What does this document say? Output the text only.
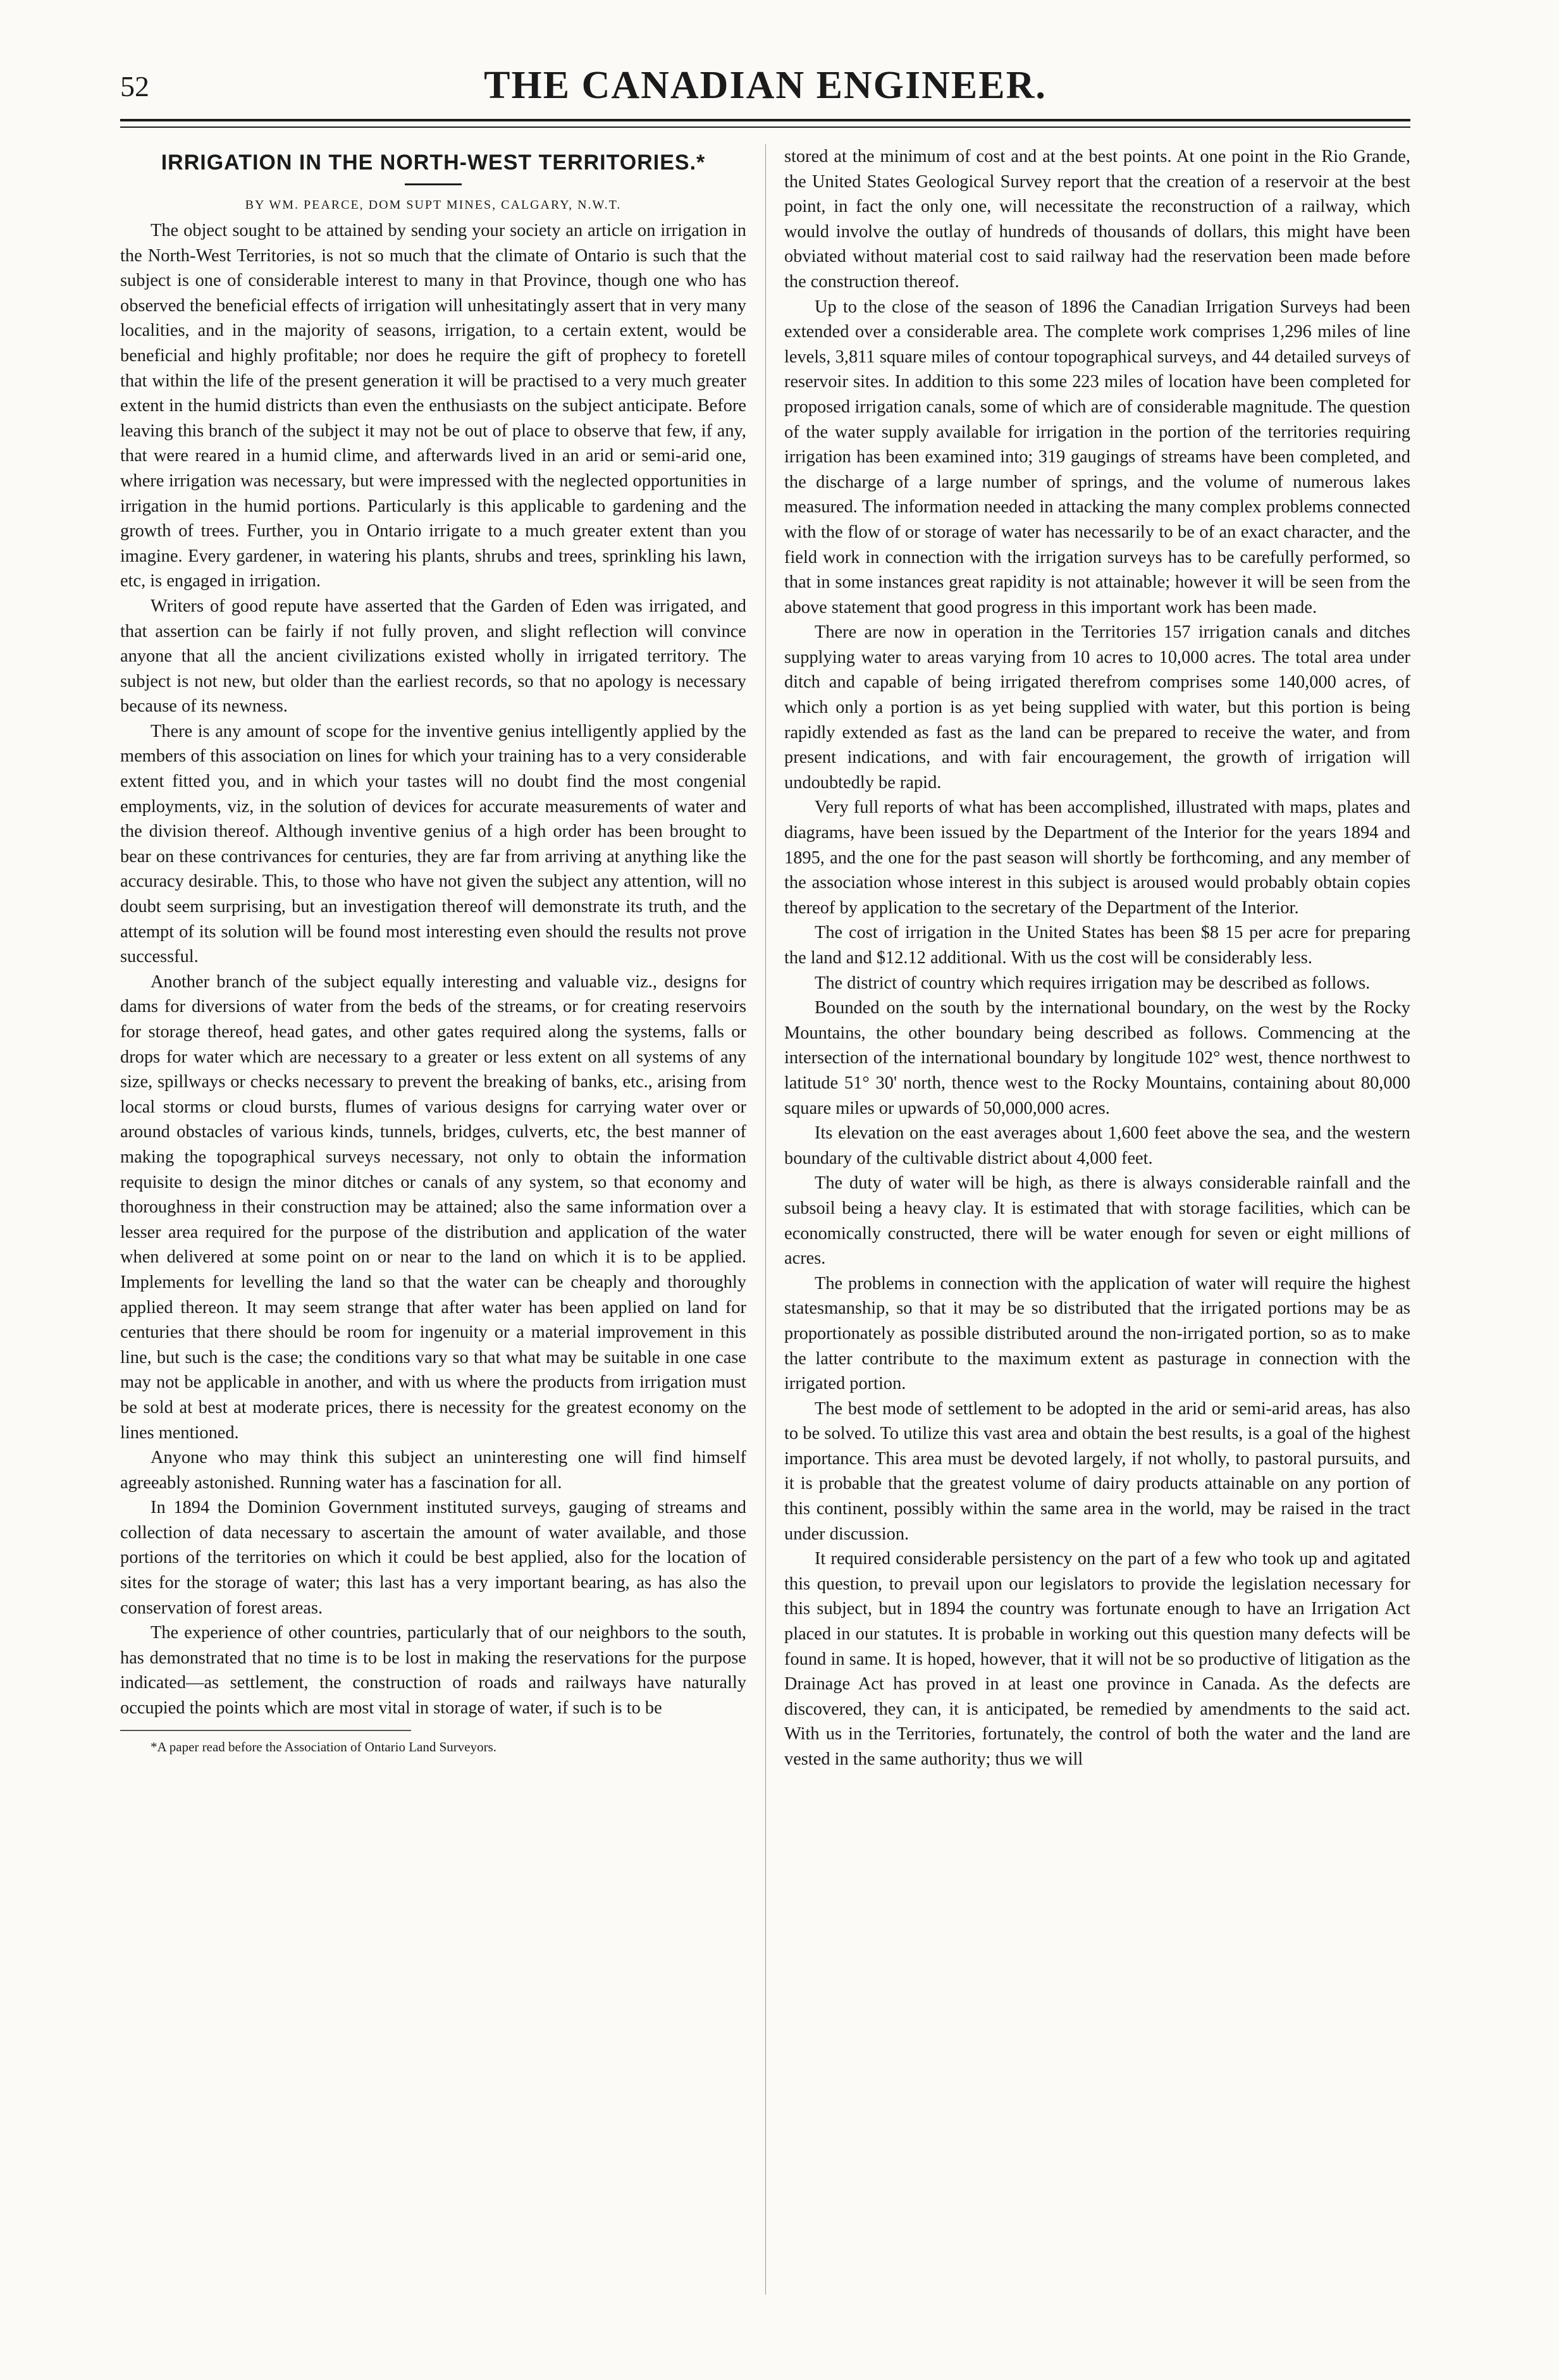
52	THE CANADIAN ENGINEER.
IRRIGATION IN THE NORTH-WEST TERRITORIES.*
BY WM. PEARCE, DOM SUPT MINES, CALGARY, N.W.T.

The object sought to be attained by sending your society an article on irrigation in the North-West Territories, is not so much that the climate of Ontario is such that the subject is one of considerable interest to many in that Province, though one who has observed the beneficial effects of irrigation will unhesitatingly assert that in very many localities, and in the majority of seasons, irrigation, to a certain extent, would be beneficial and highly profitable; nor does he require the gift of prophecy to foretell that within the life of the present generation it will be practised to a very much greater extent in the humid districts than even the enthusiasts on the subject anticipate. Before leaving this branch of the subject it may not be out of place to observe that few, if any, that were reared in a humid clime, and afterwards lived in an arid or semi-arid one, where irrigation was necessary, but were impressed with the neglected opportunities in irrigation in the humid portions. Particularly is this applicable to gardening and the growth of trees. Further, you in Ontario irrigate to a much greater extent than you imagine. Every gardener, in watering his plants, shrubs and trees, sprinkling his lawn, etc, is engaged in irrigation.

Writers of good repute have asserted that the Garden of Eden was irrigated, and that assertion can be fairly if not fully proven, and slight reflection will convince anyone that all the ancient civilizations existed wholly in irrigated territory. The subject is not new, but older than the earliest records, so that no apology is necessary because of its newness.

There is any amount of scope for the inventive genius intelligently applied by the members of this association on lines for which your training has to a very considerable extent fitted you, and in which your tastes will no doubt find the most congenial employments, viz, in the solution of devices for accurate measurements of water and the division thereof. Although inventive genius of a high order has been brought to bear on these contrivances for centuries, they are far from arriving at anything like the accuracy desirable. This, to those who have not given the subject any attention, will no doubt seem surprising, but an investigation thereof will demonstrate its truth, and the attempt of its solution will be found most interesting even should the results not prove successful.

Another branch of the subject equally interesting and valuable viz., designs for dams for diversions of water from the beds of the streams, or for creating reservoirs for storage thereof, head gates, and other gates required along the systems, falls or drops for water which are necessary to a greater or less extent on all systems of any size, spillways or checks necessary to prevent the breaking of banks, etc., arising from local storms or cloud bursts, flumes of various designs for carrying water over or around obstacles of various kinds, tunnels, bridges, culverts, etc, the best manner of making the topographical surveys necessary, not only to obtain the information requisite to design the minor ditches or canals of any system, so that economy and thoroughness in their construction may be attained; also the same information over a lesser area required for the purpose of the distribution and application of the water when delivered at some point on or near to the land on which it is to be applied. Implements for levelling the land so that the water can be cheaply and thoroughly applied thereon. It may seem strange that after water has been applied on land for centuries that there should be room for ingenuity or a material improvement in this line, but such is the case; the conditions vary so that what may be suitable in one case may not be applicable in another, and with us where the products from irrigation must be sold at best at moderate prices, there is necessity for the greatest economy on the lines mentioned.

Anyone who may think this subject an uninteresting one will find himself agreeably astonished. Running water has a fascination for all.

In 1894 the Dominion Government instituted surveys, gauging of streams and collection of data necessary to ascertain the amount of water available, and those portions of the territories on which it could be best applied, also for the location of sites for the storage of water; this last has a very important bearing, as has also the conservation of forest areas.

The experience of other countries, particularly that of our neighbors to the south, has demonstrated that no time is to be lost in making the reservations for the purpose indicated—as settlement, the construction of roads and railways have naturally occupied the points which are most vital in storage of water, if such is to be

*A paper read before the Association of Ontario Land Surveyors.

stored at the minimum of cost and at the best points. At one point in the Rio Grande, the United States Geological Survey report that the creation of a reservoir at the best point, in fact the only one, will necessitate the reconstruction of a railway, which would involve the outlay of hundreds of thousands of dollars, this might have been obviated without material cost to said railway had the reservation been made before the construction thereof.

Up to the close of the season of 1896 the Canadian Irrigation Surveys had been extended over a considerable area. The complete work comprises 1,296 miles of line levels, 3,811 square miles of contour topographical surveys, and 44 detailed surveys of reservoir sites. In addition to this some 223 miles of location have been completed for proposed irrigation canals, some of which are of considerable magnitude. The question of the water supply available for irrigation in the portion of the territories requiring irrigation has been examined into; 319 gaugings of streams have been completed, and the discharge of a large number of springs, and the volume of numerous lakes measured. The information needed in attacking the many complex problems connected with the flow of or storage of water has necessarily to be of an exact character, and the field work in connection with the irrigation surveys has to be carefully performed, so that in some instances great rapidity is not attainable; however it will be seen from the above statement that good progress in this important work has been made.

There are now in operation in the Territories 157 irrigation canals and ditches supplying water to areas varying from 10 acres to 10,000 acres. The total area under ditch and capable of being irrigated therefrom comprises some 140,000 acres, of which only a portion is as yet being supplied with water, but this portion is being rapidly extended as fast as the land can be prepared to receive the water, and from present indications, and with fair encouragement, the growth of irrigation will undoubtedly be rapid.

Very full reports of what has been accomplished, illustrated with maps, plates and diagrams, have been issued by the Department of the Interior for the years 1894 and 1895, and the one for the past season will shortly be forthcoming, and any member of the association whose interest in this subject is aroused would probably obtain copies thereof by application to the secretary of the Department of the Interior.

The cost of irrigation in the United States has been $8 15 per acre for preparing the land and $12.12 additional. With us the cost will be considerably less.

The district of country which requires irrigation may be described as follows.

Bounded on the south by the international boundary, on the west by the Rocky Mountains, the other boundary being described as follows. Commencing at the intersection of the international boundary by longitude 102° west, thence northwest to latitude 51° 30' north, thence west to the Rocky Mountains, containing about 80,000 square miles or upwards of 50,000,000 acres.

Its elevation on the east averages about 1,600 feet above the sea, and the western boundary of the cultivable district about 4,000 feet.

The duty of water will be high, as there is always considerable rainfall and the subsoil being a heavy clay. It is estimated that with storage facilities, which can be economically constructed, there will be water enough for seven or eight millions of acres.

The problems in connection with the application of water will require the highest statesmanship, so that it may be so distributed that the irrigated portions may be as proportionately as possible distributed around the non-irrigated portion, so as to make the latter contribute to the maximum extent as pasturage in connection with the irrigated portion.

The best mode of settlement to be adopted in the arid or semi-arid areas, has also to be solved. To utilize this vast area and obtain the best results, is a goal of the highest importance. This area must be devoted largely, if not wholly, to pastoral pursuits, and it is probable that the greatest volume of dairy products attainable on any portion of this continent, possibly within the same area in the world, may be raised in the tract under discussion.

It required considerable persistency on the part of a few who took up and agitated this question, to prevail upon our legislators to provide the legislation necessary for this subject, but in 1894 the country was fortunate enough to have an Irrigation Act placed in our statutes. It is probable in working out this question many defects will be found in same. It is hoped, however, that it will not be so productive of litigation as the Drainage Act has proved in at least one province in Canada. As the defects are discovered, they can, it is anticipated, be remedied by amendments to the said act. With us in the Territories, fortunately, the control of both the water and the land are vested in the same authority; thus we will
